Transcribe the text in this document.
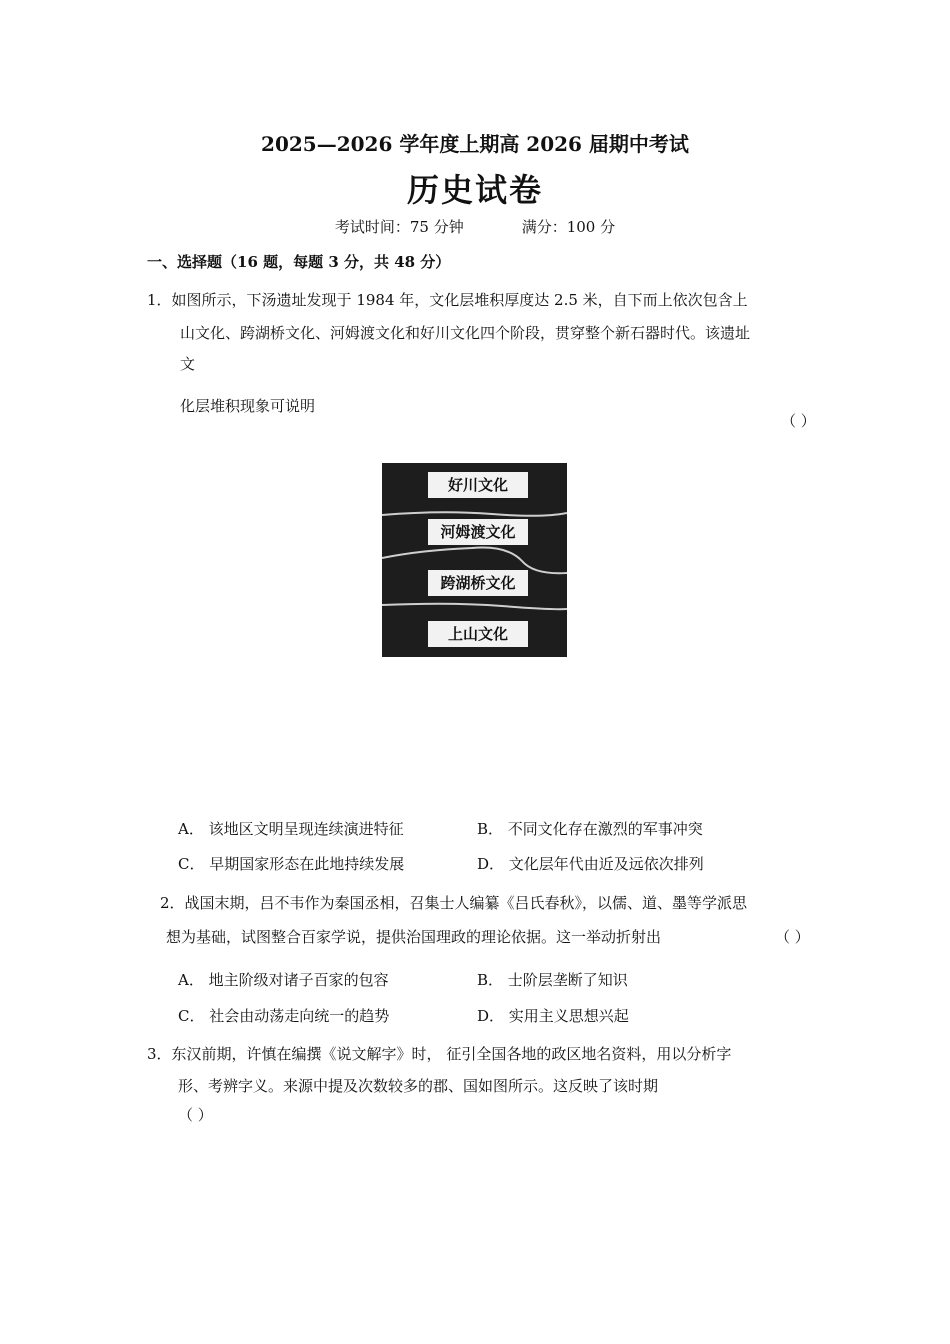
2025—2026 学年度上期高 2026 届期中考试
历史试卷
考试时间：75 分钟	满分：100 分
一、选择题（16 题，每题 3 分，共 48 分）
1．如图所示，下汤遗址发现于 1984 年，文化层堆积厚度达 2.5 米，自下而上依次包含上
山文化、跨湖桥文化、河姆渡文化和好川文化四个阶段，贯穿整个新石器时代。该遗址
文
化层堆积现象可说明
（ ）
好川文化
河姆渡文化
跨湖桥文化
上山文化
A． 该地区文明呈现连续演进特征	B． 不同文化存在激烈的军事冲突
C． 早期国家形态在此地持续发展	D． 文化层年代由近及远依次排列
2．战国末期，吕不韦作为秦国丞相，召集士人编纂《吕氏春秋》，以儒、道、墨等学派思
想为基础，试图整合百家学说，提供治国理政的理论依据。这一举动折射出	（ ）
A． 地主阶级对诸子百家的包容	B． 士阶层垄断了知识
C． 社会由动荡走向统一的趋势	D． 实用主义思想兴起
3．东汉前期，许慎在编撰《说文解字》时， 征引全国各地的政区地名资料，用以分析字
形、考辨字义。来源中提及次数较多的郡、国如图所示。这反映了该时期
（ ）
